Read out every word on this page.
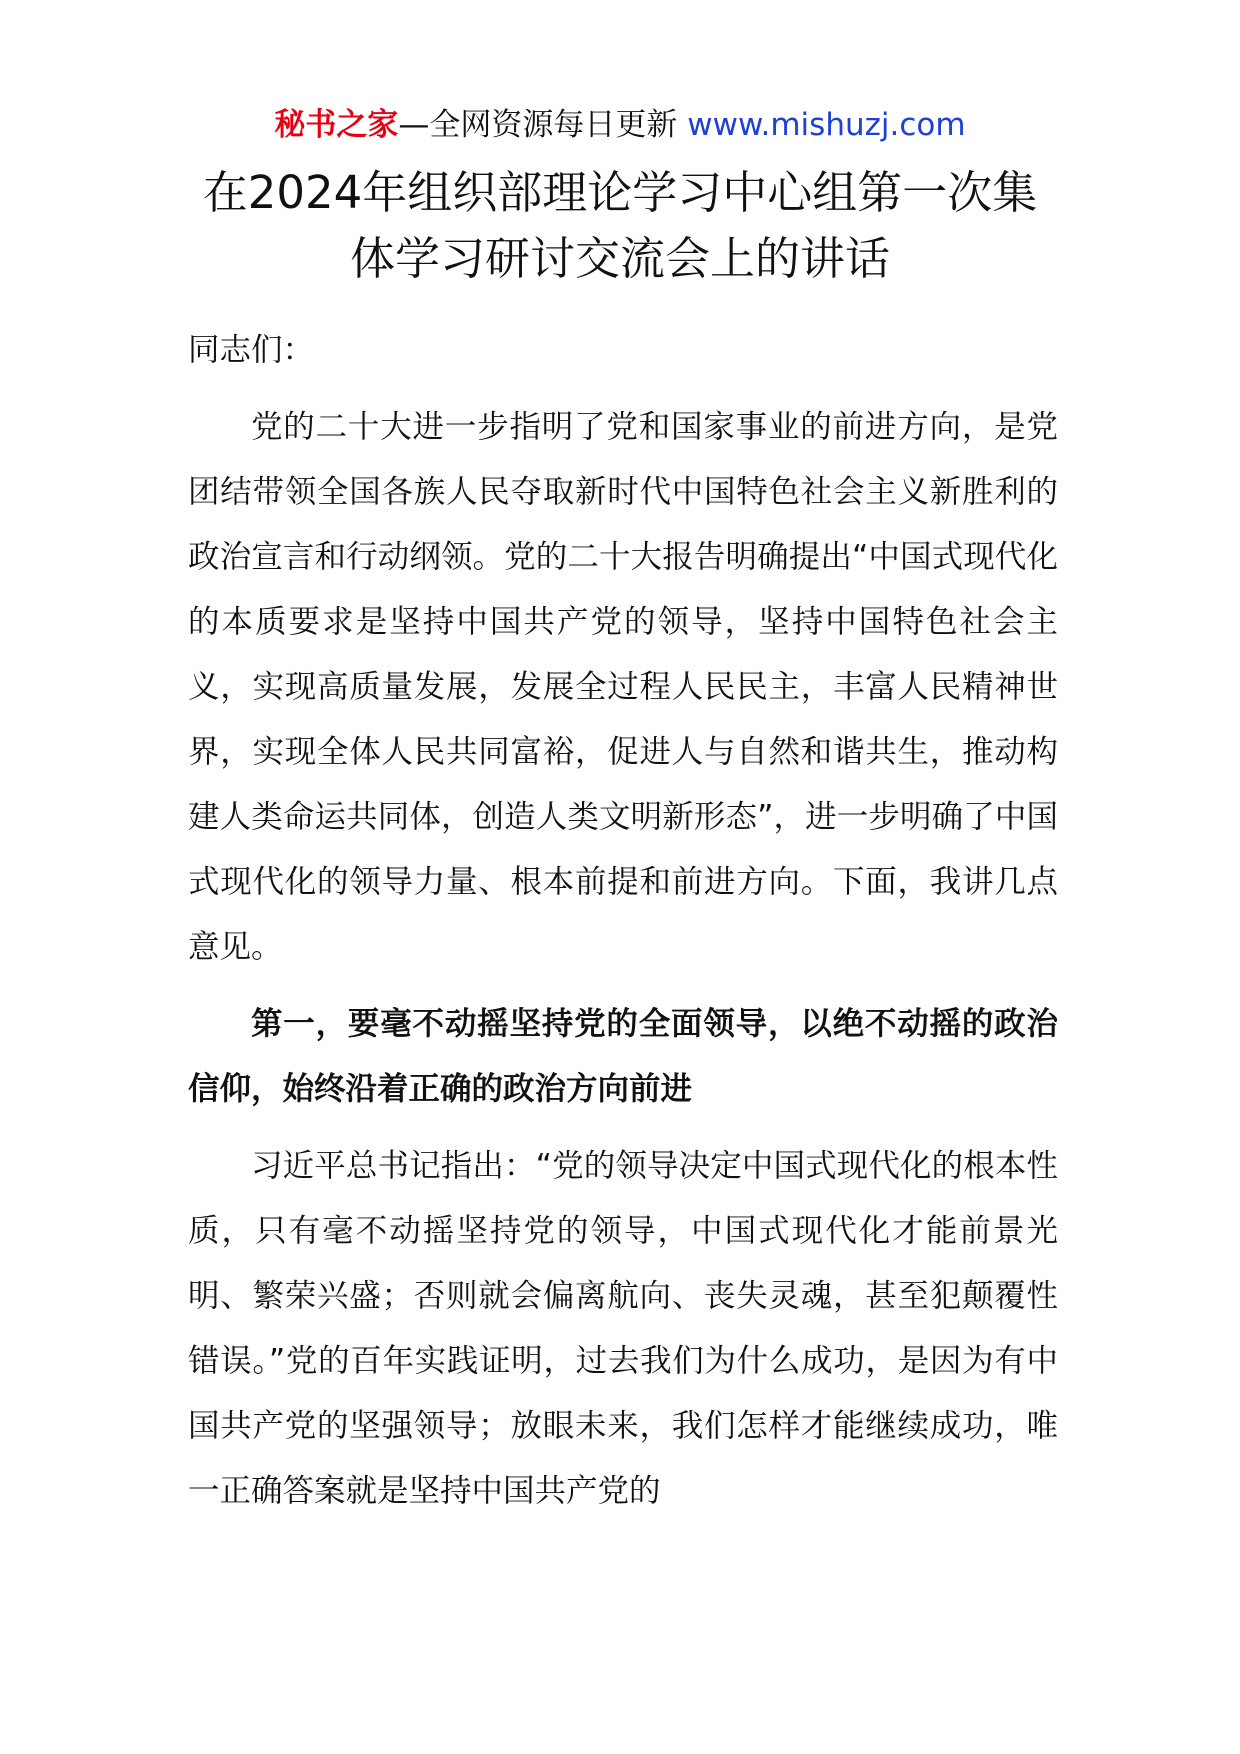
秘书之家—全网资源每日更新 www.mishuzj.com
在2024年组织部理论学习中心组第一次集
体学习研讨交流会上的讲话

同志们：

党的二十大进一步指明了党和国家事业的前进方向，是党团结带领全国各族人民夺取新时代中国特色社会主义新胜利的政治宣言和行动纲领。党的二十大报告明确提出“中国式现代化的本质要求是坚持中国共产党的领导，坚持中国特色社会主义，实现高质量发展，发展全过程人民民主，丰富人民精神世界，实现全体人民共同富裕，促进人与自然和谐共生，推动构建人类命运共同体，创造人类文明新形态”，进一步明确了中国式现代化的领导力量、根本前提和前进方向。下面，我讲几点意见。

第一，要毫不动摇坚持党的全面领导，以绝不动摇的政治信仰，始终沿着正确的政治方向前进

习近平总书记指出：“党的领导决定中国式现代化的根本性质，只有毫不动摇坚持党的领导，中国式现代化才能前景光明、繁荣兴盛；否则就会偏离航向、丧失灵魂，甚至犯颠覆性错误。”党的百年实践证明，过去我们为什么成功，是因为有中国共产党的坚强领导；放眼未来，我们怎样才能继续成功，唯一正确答案就是坚持中国共产党的
